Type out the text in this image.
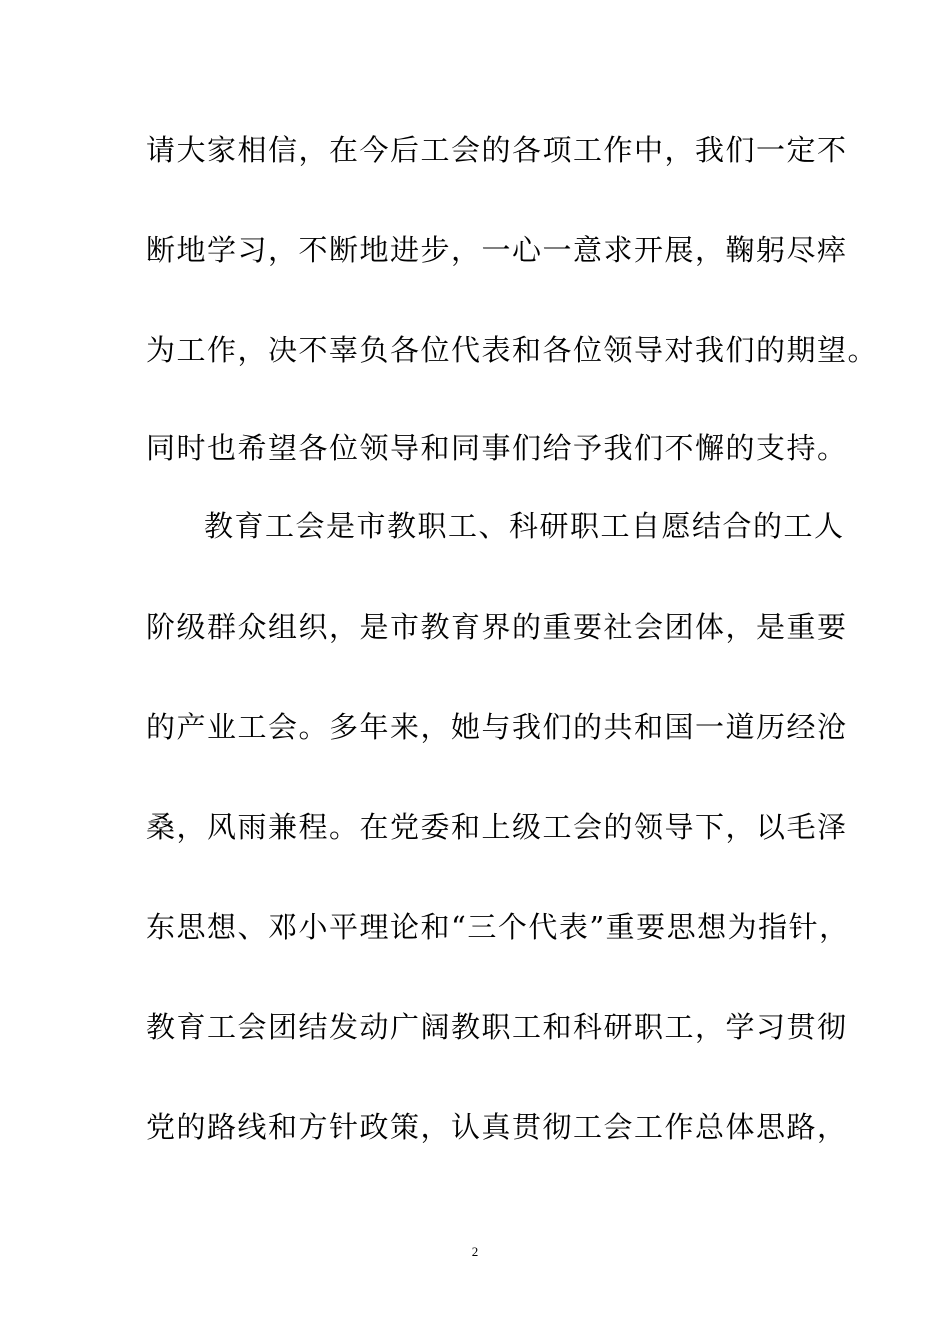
请大家相信，在今后工会的各项工作中，我们一定不
断地学习，不断地进步，一心一意求开展，鞠躬尽瘁
为工作，决不辜负各位代表和各位领导对我们的期望。
同时也希望各位领导和同事们给予我们不懈的支持。
教育工会是市教职工、科研职工自愿结合的工人
阶级群众组织，是市教育界的重要社会团体，是重要
的产业工会。多年来，她与我们的共和国一道历经沧
桑，风雨兼程。在党委和上级工会的领导下，以毛泽
东思想、邓小平理论和“三个代表”重要思想为指针，
教育工会团结发动广阔教职工和科研职工，学习贯彻
党的路线和方针政策，认真贯彻工会工作总体思路，
2
